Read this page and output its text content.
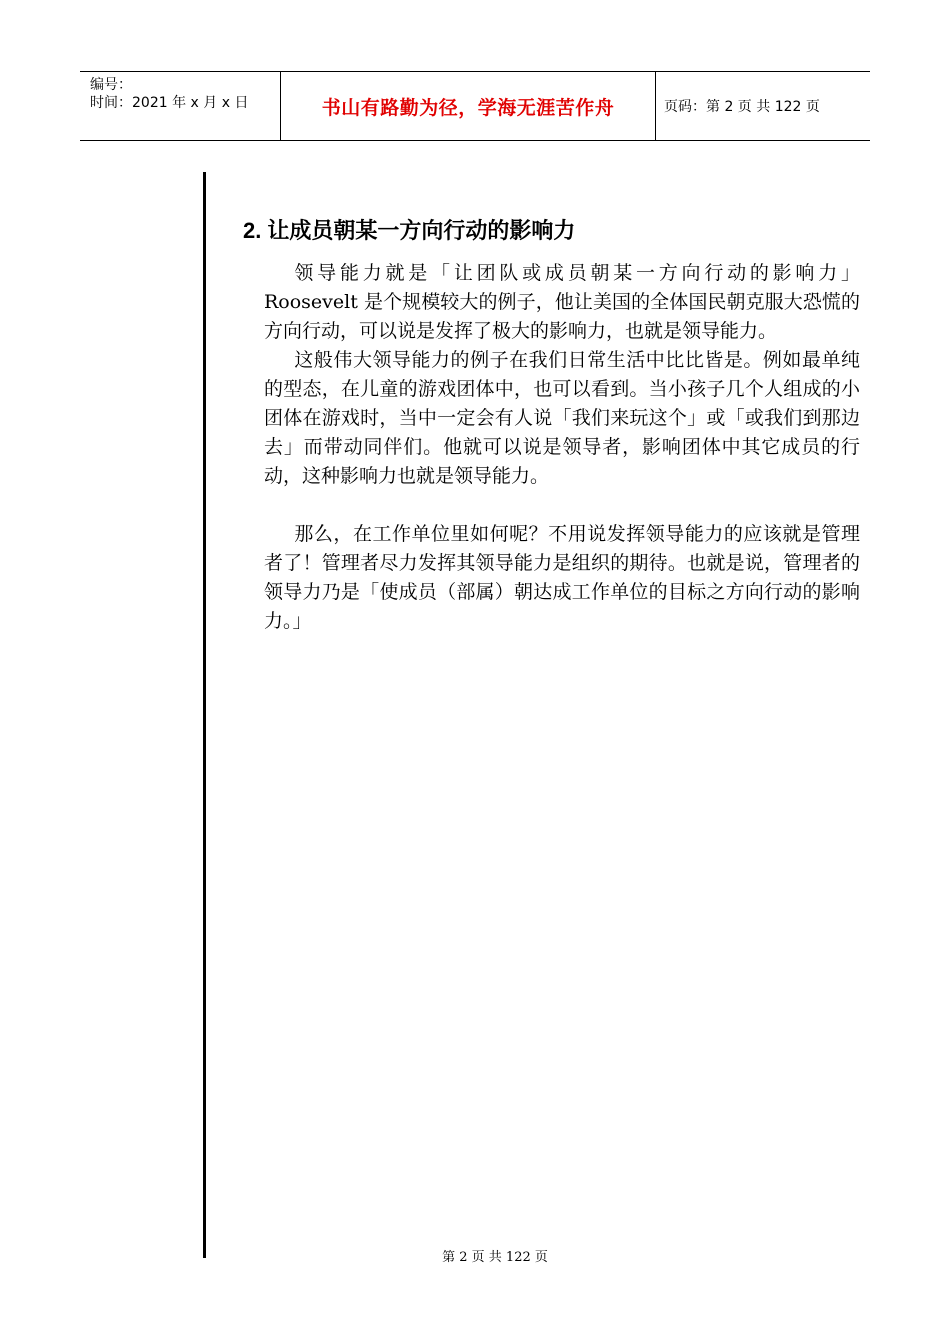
编号：
时间：2021 年 x 月 x 日	书山有路勤为径，学海无涯苦作舟	页码：第 2 页 共 122 页
2. 让成员朝某一方向行动的影响力

领导能力就是「让团队或成员朝某一方向行动的影响力」Roosevelt 是个规模较大的例子，他让美国的全体国民朝克服大恐慌的方向行动，可以说是发挥了极大的影响力，也就是领导能力。

这般伟大领导能力的例子在我们日常生活中比比皆是。例如最单纯的型态，在儿童的游戏团体中，也可以看到。当小孩子几个人组成的小团体在游戏时，当中一定会有人说「我们来玩这个」或「或我们到那边去」而带动同伴们。他就可以说是领导者，影响团体中其它成员的行动，这种影响力也就是领导能力。

那么，在工作单位里如何呢？不用说发挥领导能力的应该就是管理者了！管理者尽力发挥其领导能力是组织的期待。也就是说，管理者的领导力乃是「使成员（部属）朝达成工作单位的目标之方向行动的影响力。」

第 2 页 共 122 页
